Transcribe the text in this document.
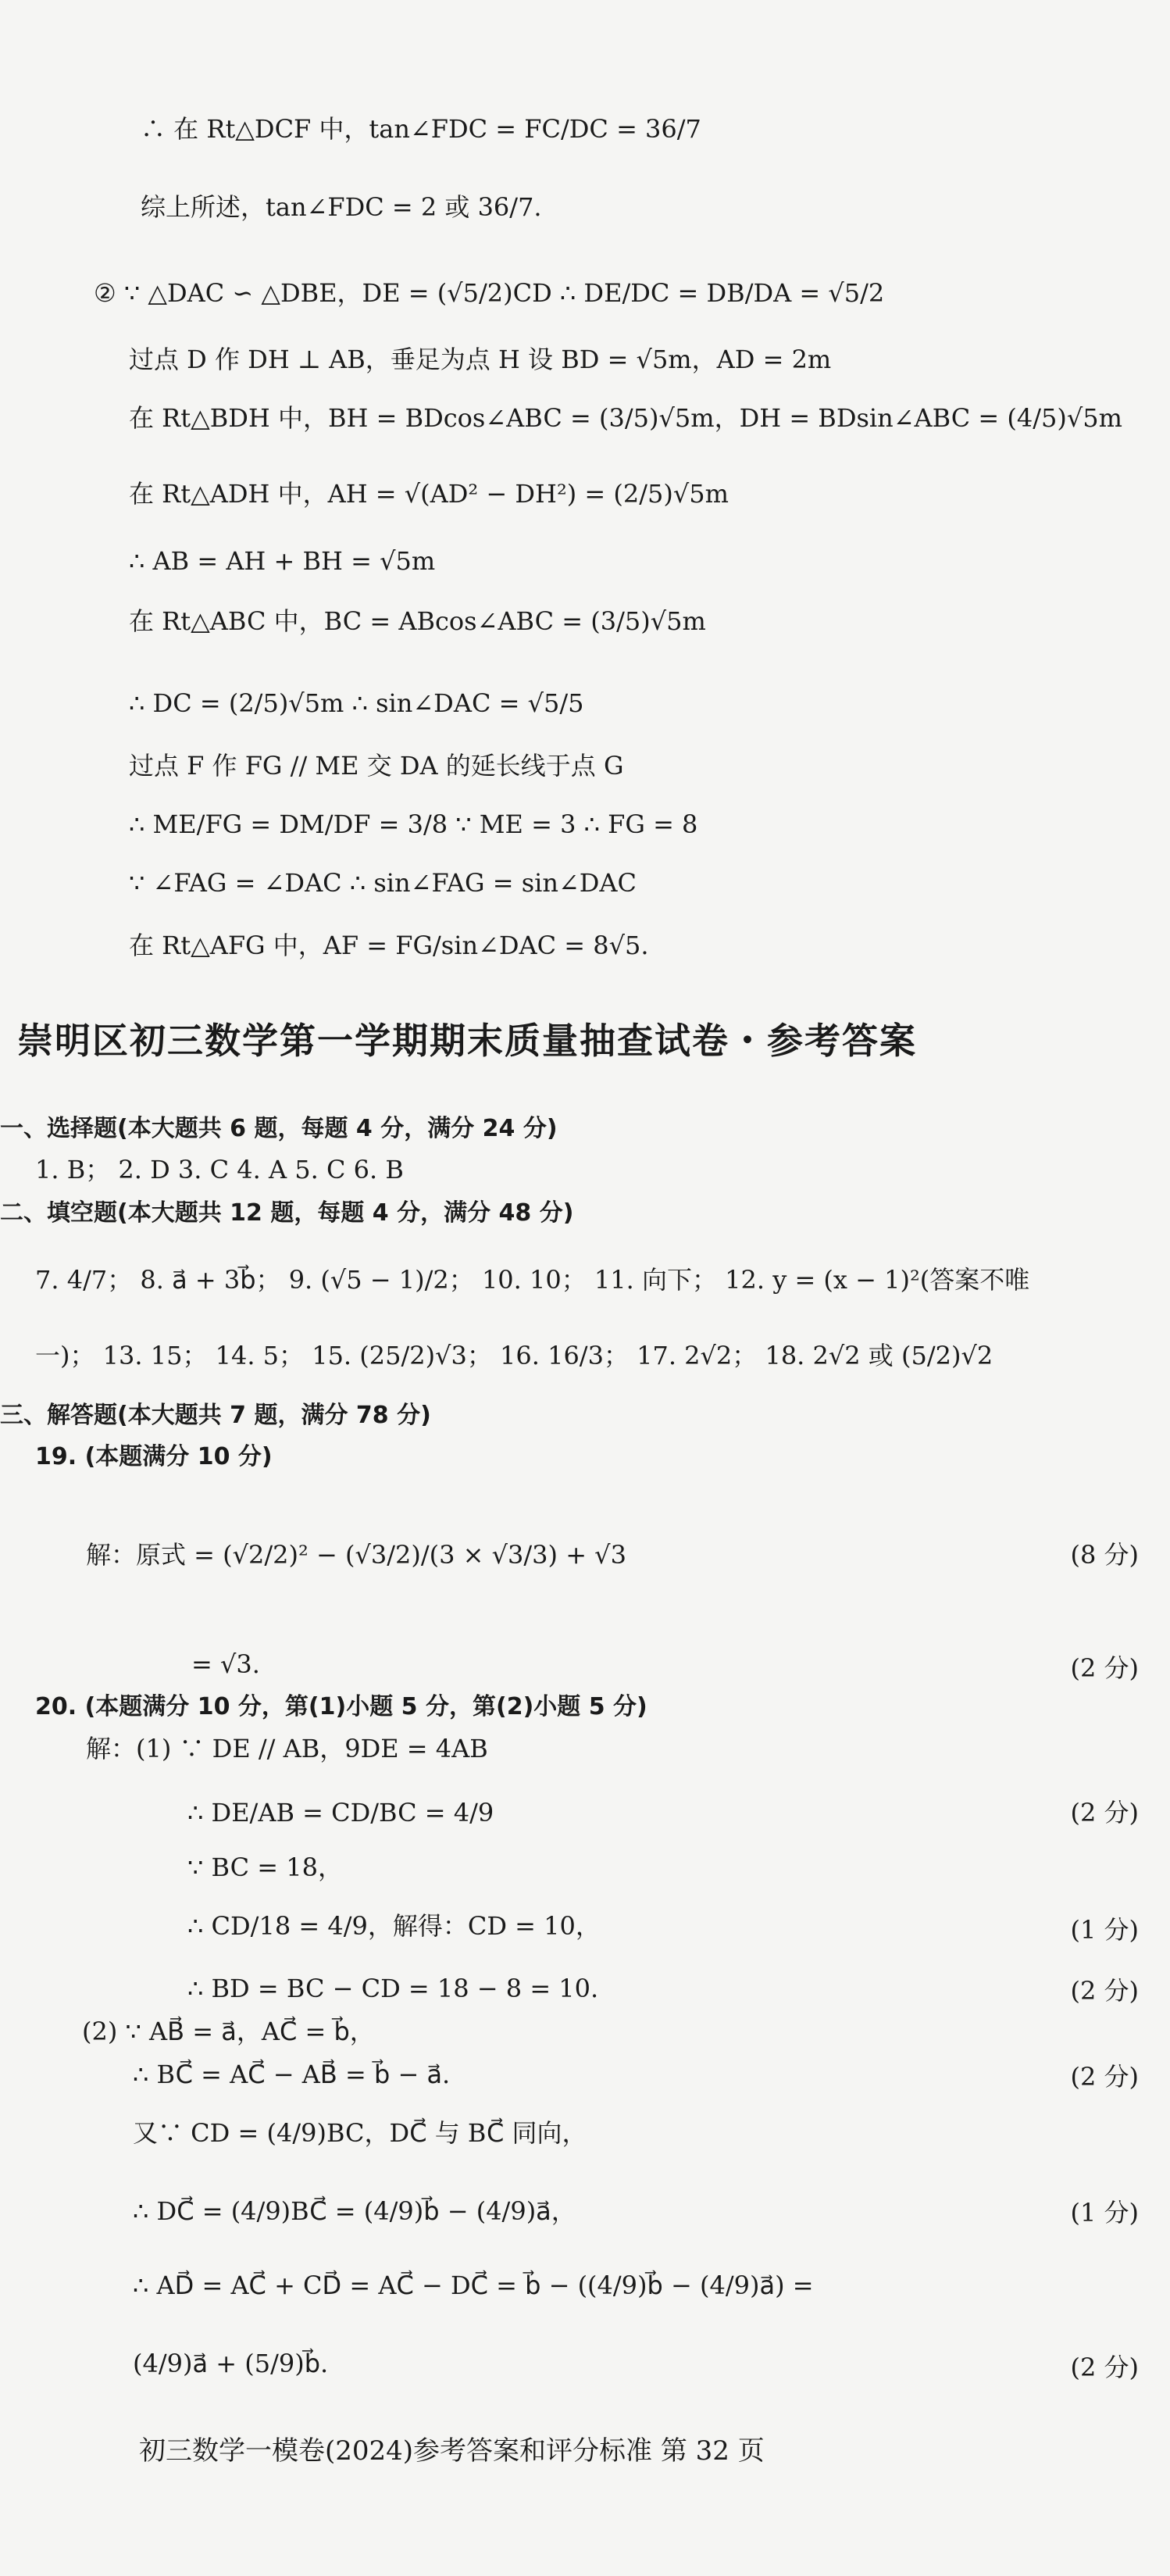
∴ 在 Rt△DCF 中，tan∠FDC = FC/DC = 36/7
综上所述，tan∠FDC = 2 或 36/7.
② ∵ △DAC ∽ △DBE，DE = (√5/2)CD ∴ DE/DC = DB/DA = √5/2
过点 D 作 DH ⊥ AB，垂足为点 H 设 BD = √5m，AD = 2m
在 Rt△BDH 中，BH = BDcos∠ABC = (3/5)√5m，DH = BDsin∠ABC = (4/5)√5m
在 Rt△ADH 中，AH = √(AD² − DH²) = (2/5)√5m
∴ AB = AH + BH = √5m
在 Rt△ABC 中，BC = ABcos∠ABC = (3/5)√5m
∴ DC = (2/5)√5m ∴ sin∠DAC = √5/5
过点 F 作 FG // ME 交 DA 的延长线于点 G
∴ ME/FG = DM/DF = 3/8 ∵ ME = 3 ∴ FG = 8
∵ ∠FAG = ∠DAC ∴ sin∠FAG = sin∠DAC
在 Rt△AFG 中，AF = FG/sin∠DAC = 8√5.
崇明区初三数学第一学期期末质量抽查试卷・参考答案
一、选择题(本大题共 6 题，每题 4 分，满分 24 分)
1. B； 2. D 3. C 4. A 5. C 6. B
二、填空题(本大题共 12 题，每题 4 分，满分 48 分)
7. 4/7； 8. a⃗ + 3b⃗； 9. (√5 − 1)/2； 10. 10； 11. 向下； 12. y = (x − 1)²(答案不唯
一)； 13. 15； 14. 5； 15. (25/2)√3； 16. 16/3； 17. 2√2； 18. 2√2 或 (5/2)√2
三、解答题(本大题共 7 题，满分 78 分)
19. (本题满分 10 分)
解：原式 = (√2/2)² − (√3/2)/(3 × √3/3) + √3	(8 分)
= √3.	(2 分)
20. (本题满分 10 分，第(1)小题 5 分，第(2)小题 5 分)
解：(1) ∵ DE // AB，9DE = 4AB
∴ DE/AB = CD/BC = 4/9	(2 分)
∵ BC = 18，
∴ CD/18 = 4/9，解得：CD = 10，	(1 分)
∴ BD = BC − CD = 18 − 8 = 10.	(2 分)
(2) ∵ AB⃗ = a⃗，AC⃗ = b⃗，
∴ BC⃗ = AC⃗ − AB⃗ = b⃗ − a⃗.	(2 分)
又∵ CD = (4/9)BC，DC⃗ 与 BC⃗ 同向，
∴ DC⃗ = (4/9)BC⃗ = (4/9)b⃗ − (4/9)a⃗，	(1 分)
∴ AD⃗ = AC⃗ + CD⃗ = AC⃗ − DC⃗ = b⃗ − ((4/9)b⃗ − (4/9)a⃗) =
(4/9)a⃗ + (5/9)b⃗.	(2 分)
初三数学一模卷(2024)参考答案和评分标准 第 32 页
